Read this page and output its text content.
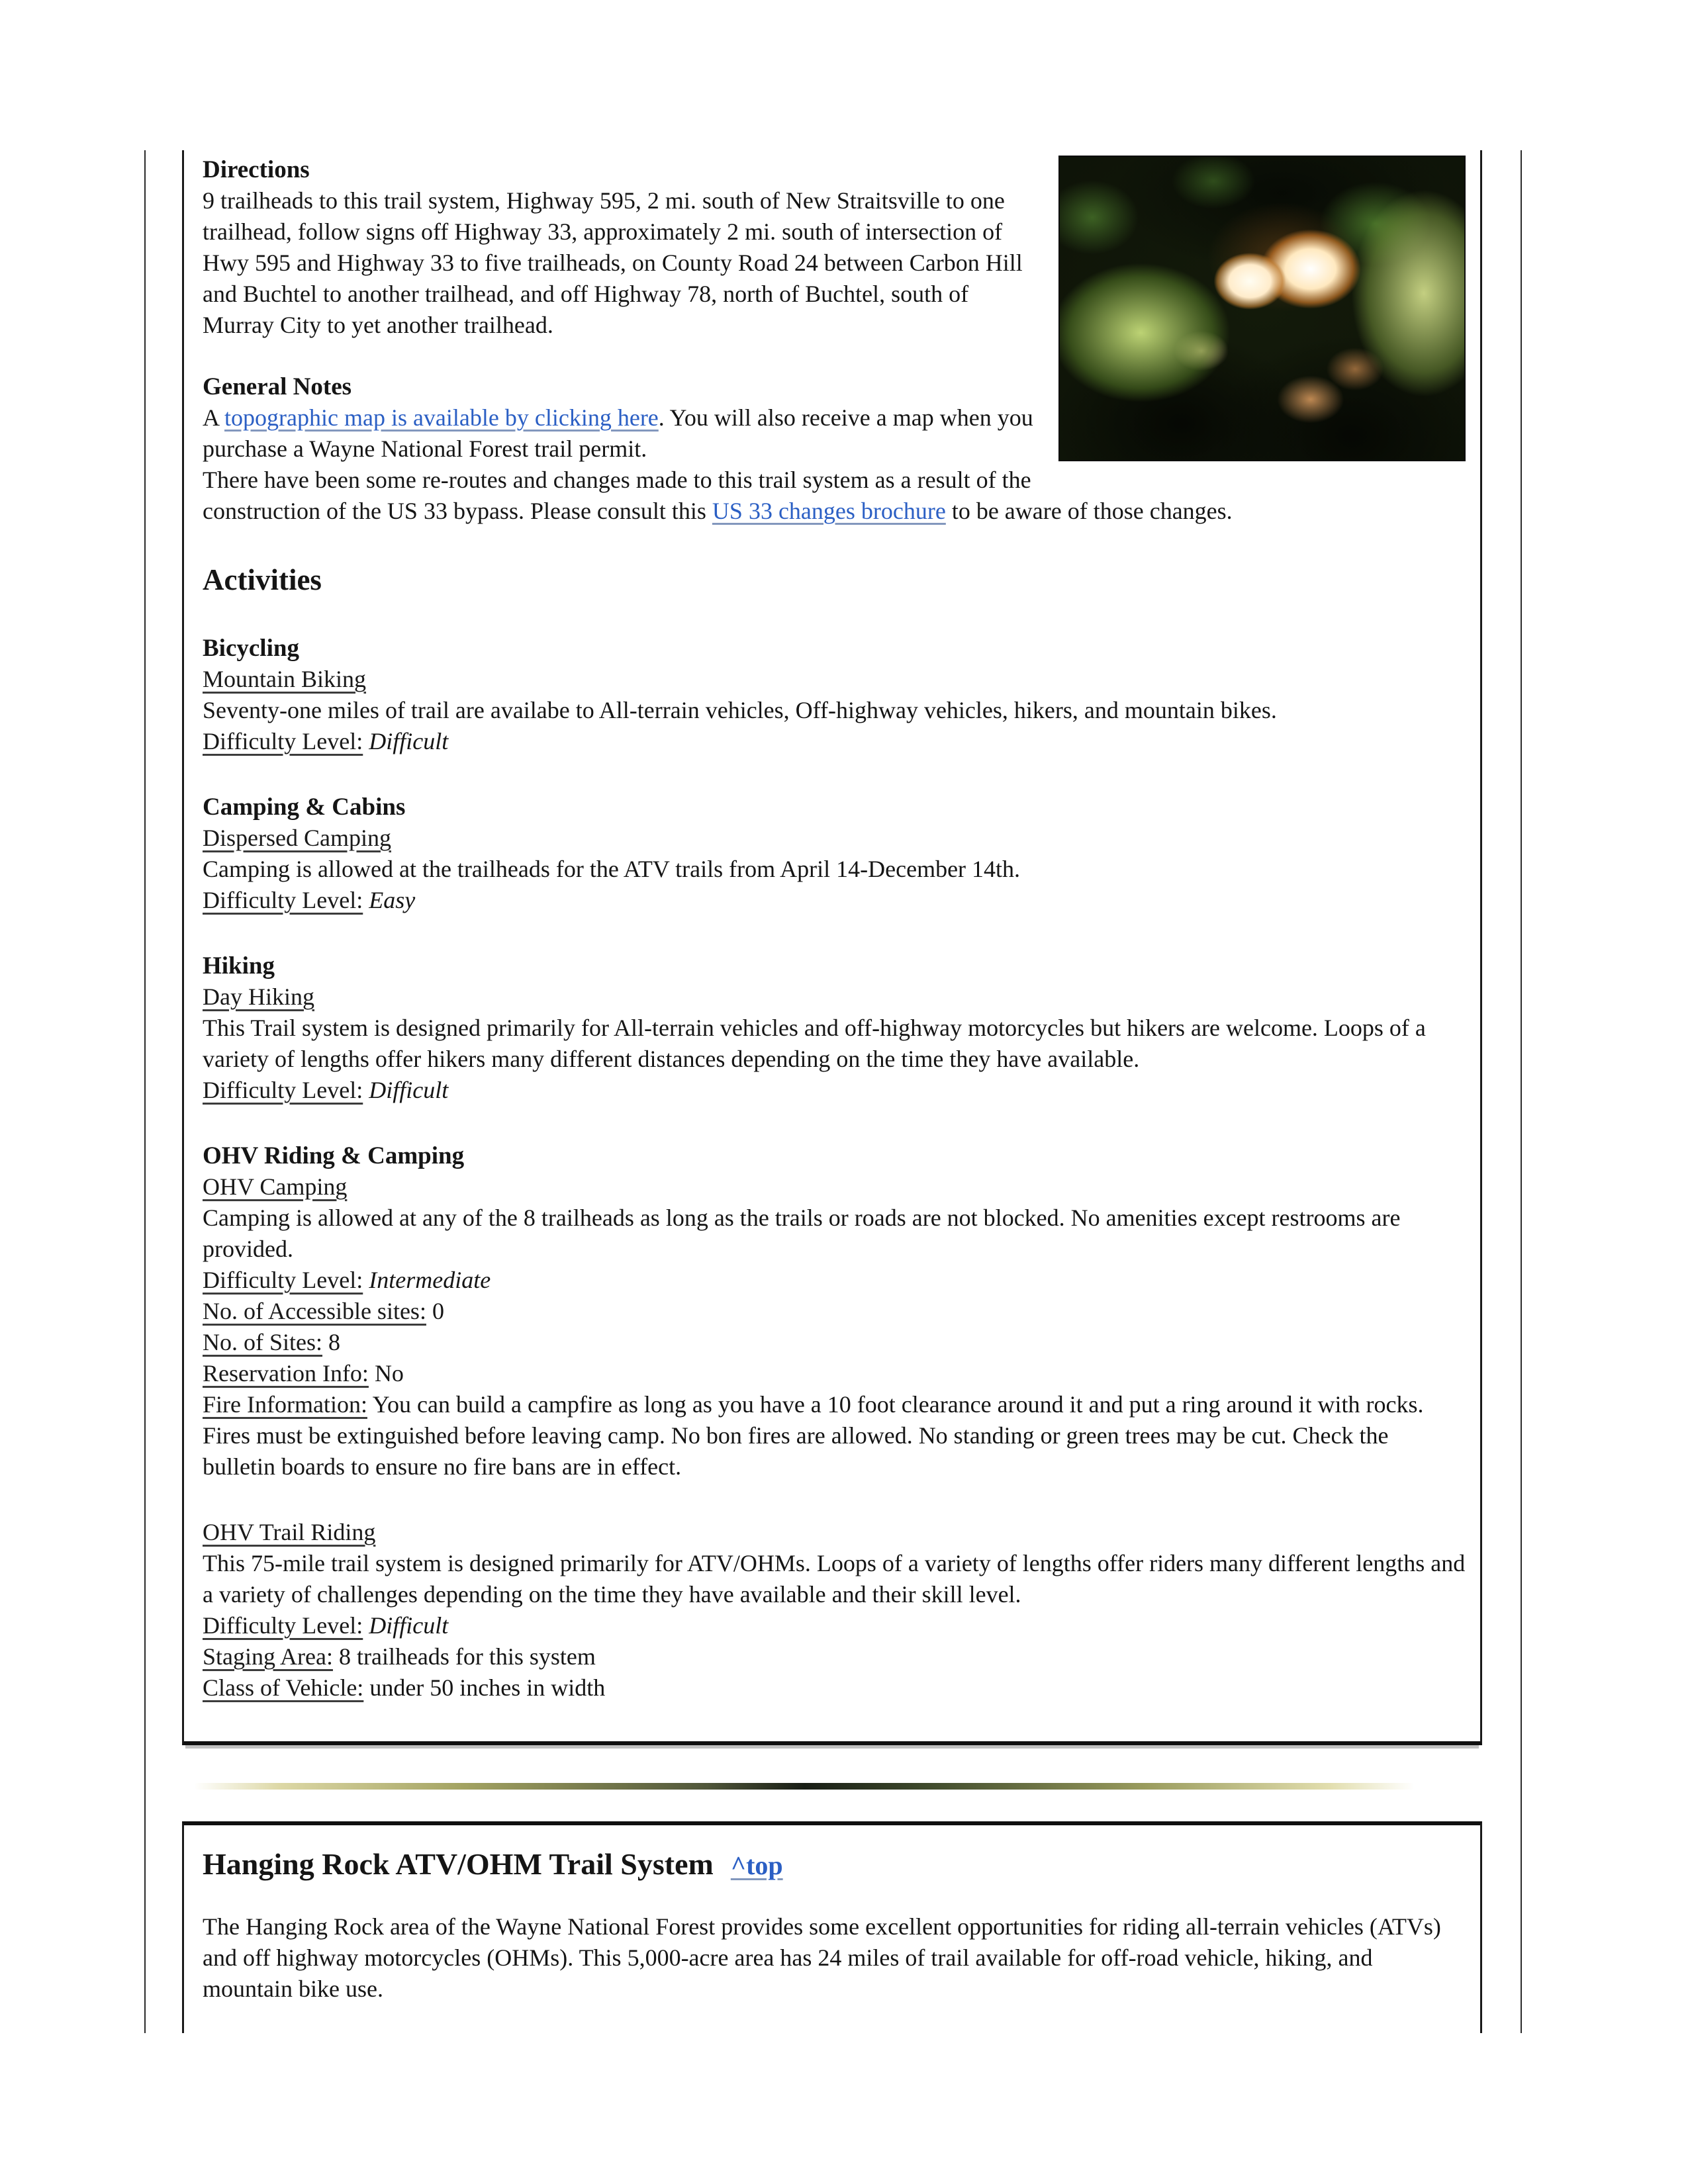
Directions

9 trailheads to this trail system, Highway 595, 2 mi. south of New Straitsville to one trailhead, follow signs off Highway 33, approximately 2 mi. south of intersection of Hwy 595 and Highway 33 to five trailheads, on County Road 24 between Carbon Hill and Buchtel to another trailhead, and off Highway 78, north of Buchtel, south of Murray City to yet another trailhead.

General Notes

A topographic map is available by clicking here. You will also receive a map when you purchase a Wayne National Forest trail permit.

There have been some re-routes and changes made to this trail system as a result of the construction of the US 33 bypass. Please consult this US 33 changes brochure to be aware of those changes.

Activities
Bicycling
Mountain Biking

Seventy-one miles of trail are availabe to All-terrain vehicles, Off-highway vehicles, hikers, and mountain bikes.

Difficulty Level: Difficult
Camping & Cabins
Dispersed Camping

Camping is allowed at the trailheads for the ATV trails from April 14-December 14th.

Difficulty Level: Easy
Hiking
Day Hiking

This Trail system is designed primarily for All-terrain vehicles and off-highway motorcycles but hikers are welcome. Loops of a variety of lengths offer hikers many different distances depending on the time they have available.

Difficulty Level: Difficult
OHV Riding & Camping
OHV Camping

Camping is allowed at any of the 8 trailheads as long as the trails or roads are not blocked. No amenities except restrooms are provided.

Difficulty Level: Intermediate
No. of Accessible sites: 0
No. of Sites: 8
Reservation Info: No
Fire Information: You can build a campfire as long as you have a 10 foot clearance around it and put a ring around it with rocks. Fires must be extinguished before leaving camp. No bon fires are allowed. No standing or green trees may be cut. Check the bulletin boards to ensure no fire bans are in effect.
OHV Trail Riding

This 75-mile trail system is designed primarily for ATV/OHMs. Loops of a variety of lengths offer riders many different lengths and a variety of challenges depending on the time they have available and their skill level.

Difficulty Level: Difficult
Staging Area: 8 trailheads for this system
Class of Vehicle: under 50 inches in width
Hanging Rock ATV/OHM Trail System ^top

The Hanging Rock area of the Wayne National Forest provides some excellent opportunities for riding all-terrain vehicles (ATVs) and off highway motorcycles (OHMs). This 5,000-acre area has 24 miles of trail available for off-road vehicle, hiking, and mountain bike use.
